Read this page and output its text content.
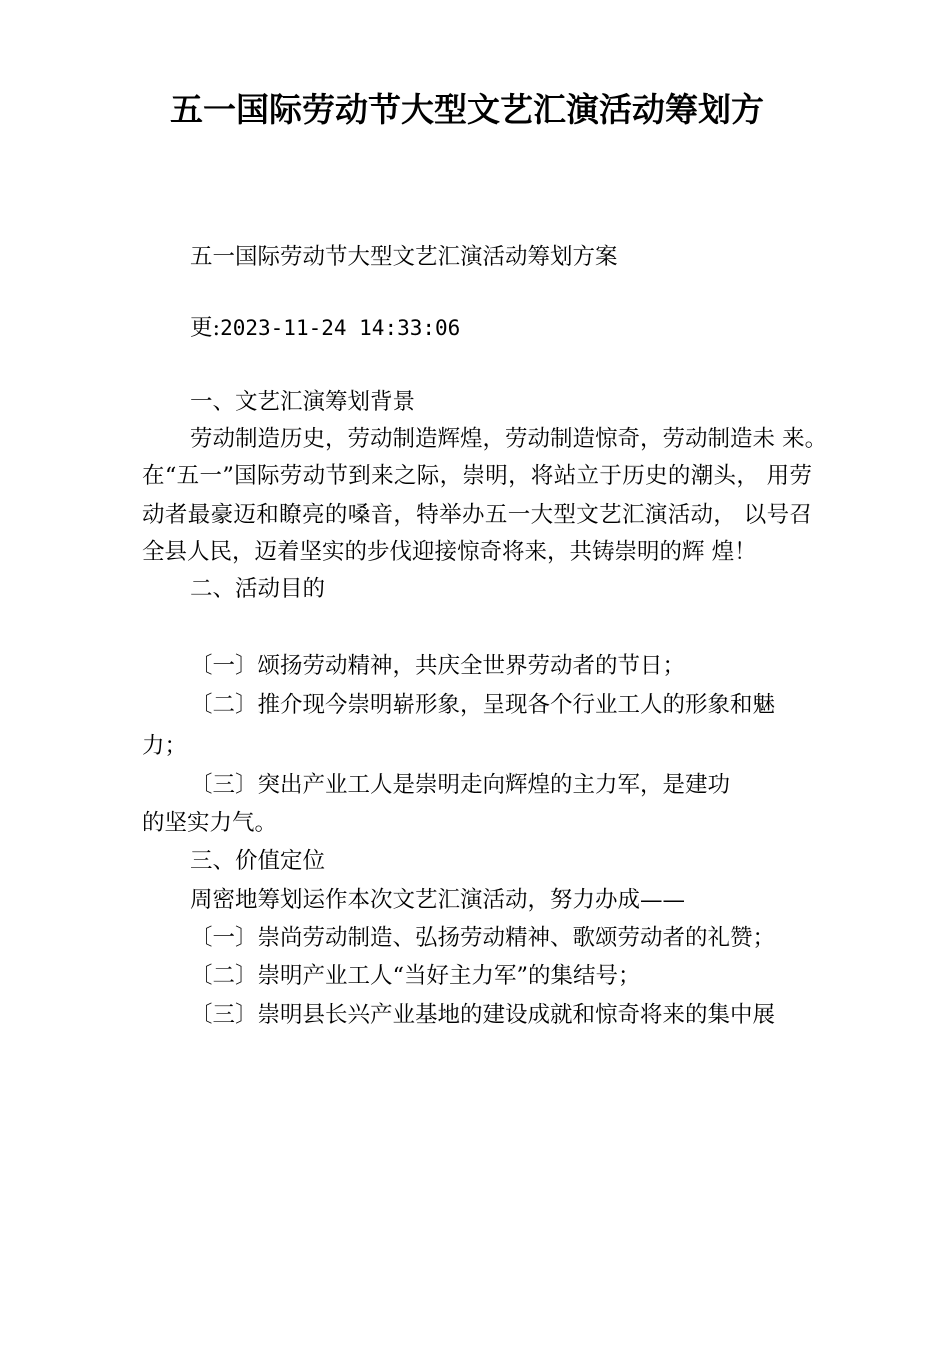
五一国际劳动节大型文艺汇演活动筹划方
五一国际劳动节大型文艺汇演活动筹划方案
更:2023-11-24 14:33:06
一、文艺汇演筹划背景
劳动制造历史，劳动制造辉煌，劳动制造惊奇，劳动制造未 来。
在“五一”国际劳动节到来之际，崇明，将站立于历史的潮头， 用劳
动者最豪迈和瞭亮的嗓音，特举办五一大型文艺汇演活动， 以号召
全县人民，迈着坚实的步伐迎接惊奇将来，共铸崇明的辉 煌！
二、活动目的
〔一〕颂扬劳动精神，共庆全世界劳动者的节日；
〔二〕推介现今崇明崭形象，呈现各个行业工人的形象和魅
力；
〔三〕突出产业工人是崇明走向辉煌的主力军，是建功
的坚实力气。
三、价值定位
周密地筹划运作本次文艺汇演活动，努力办成——
〔一〕崇尚劳动制造、弘扬劳动精神、歌颂劳动者的礼赞；
〔二〕崇明产业工人“当好主力军”的集结号；
〔三〕崇明县长兴产业基地的建设成就和惊奇将来的集中展
